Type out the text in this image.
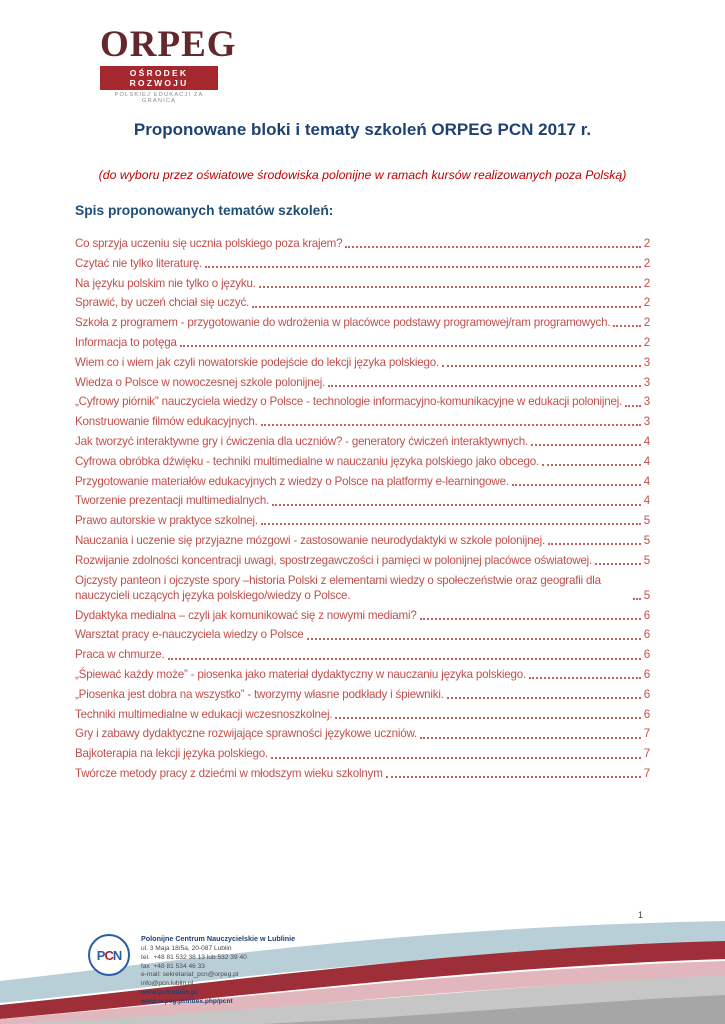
ORPEG
OŚRODEK ROZWOJU
POLSKIEJ EDUKACJI ZA GRANICĄ
Proponowane bloki i tematy szkoleń ORPEG PCN 2017 r.
(do wyboru przez oświatowe środowiska polonijne w ramach kursów realizowanych poza Polską)
Spis proponowanych tematów szkoleń:
Co sprzyja uczeniu się ucznia polskiego poza krajem?	2
Czytać nie tylko literaturę.	2
Na języku polskim nie tylko o języku.	2
Sprawić, by uczeń chciał się uczyć.	2
Szkoła z programem - przygotowanie do wdrożenia w placówce podstawy programowej/ram programowych.	2
Informacja to potęga	2
Wiem co i wiem jak czyli nowatorskie podejście do lekcji języka polskiego.	3
Wiedza o Polsce w nowoczesnej szkole polonijnej.	3
„Cyfrowy piórnik” nauczyciela wiedzy o Polsce - technologie informacyjno-komunikacyjne w edukacji polonijnej. 3
Konstruowanie filmów edukacyjnych.	3
Jak tworzyć interaktywne gry i ćwiczenia dla uczniów? - generatory ćwiczeń interaktywnych.	4
Cyfrowa obróbka dźwięku - techniki multimedialne w nauczaniu języka polskiego jako obcego.	4
Przygotowanie materiałów edukacyjnych z wiedzy o Polsce na platformy e-learningowe.	4
Tworzenie prezentacji multimedialnych.	4
Prawo autorskie w praktyce szkolnej.	5
Nauczania i uczenie się przyjazne mózgowi - zastosowanie neurodydaktyki w szkole polonijnej.	5
Rozwijanie zdolności koncentracji uwagi, spostrzegawczości i pamięci w polonijnej placówce oświatowej.	5
Ojczysty panteon i ojczyste spory –historia Polski z elementami wiedzy o społeczeństwie oraz geografii dla nauczycieli uczących języka polskiego/wiedzy o Polsce.	5
Dydaktyka medialna – czyli jak komunikować się z nowymi mediami?	6
Warsztat pracy e-nauczyciela wiedzy o Polsce	6
Praca w chmurze.	6
„Śpiewać każdy może” - piosenka jako materiał dydaktyczny w nauczaniu języka polskiego.	6
„Piosenka jest dobra na wszystko” - tworzymy własne podkłady i śpiewniki.	6
Techniki multimedialne w edukacji wczesnoszkolnej.	6
Gry i zabawy dydaktyczne rozwijające sprawności językowe uczniów.	7
Bajkoterapia na lekcji języka polskiego.	7
Twórcze metody pracy z dziećmi w młodszym wieku szkolnym	7
1
P C N
Polonijne Centrum Nauczycielskie w Lublinie
ul. 3 Maja 18/5a, 20-087 Lublin
tel.  +48 81 532 38 13 lub 532 39 40
fax  +48 81 534 46 33
e-mail: sekretariat_pcn@orpeg.pl
info@pcn.lublin.pl
www.pcn.lublin.pl
www.orpeg.pl/index.php/pcnt
